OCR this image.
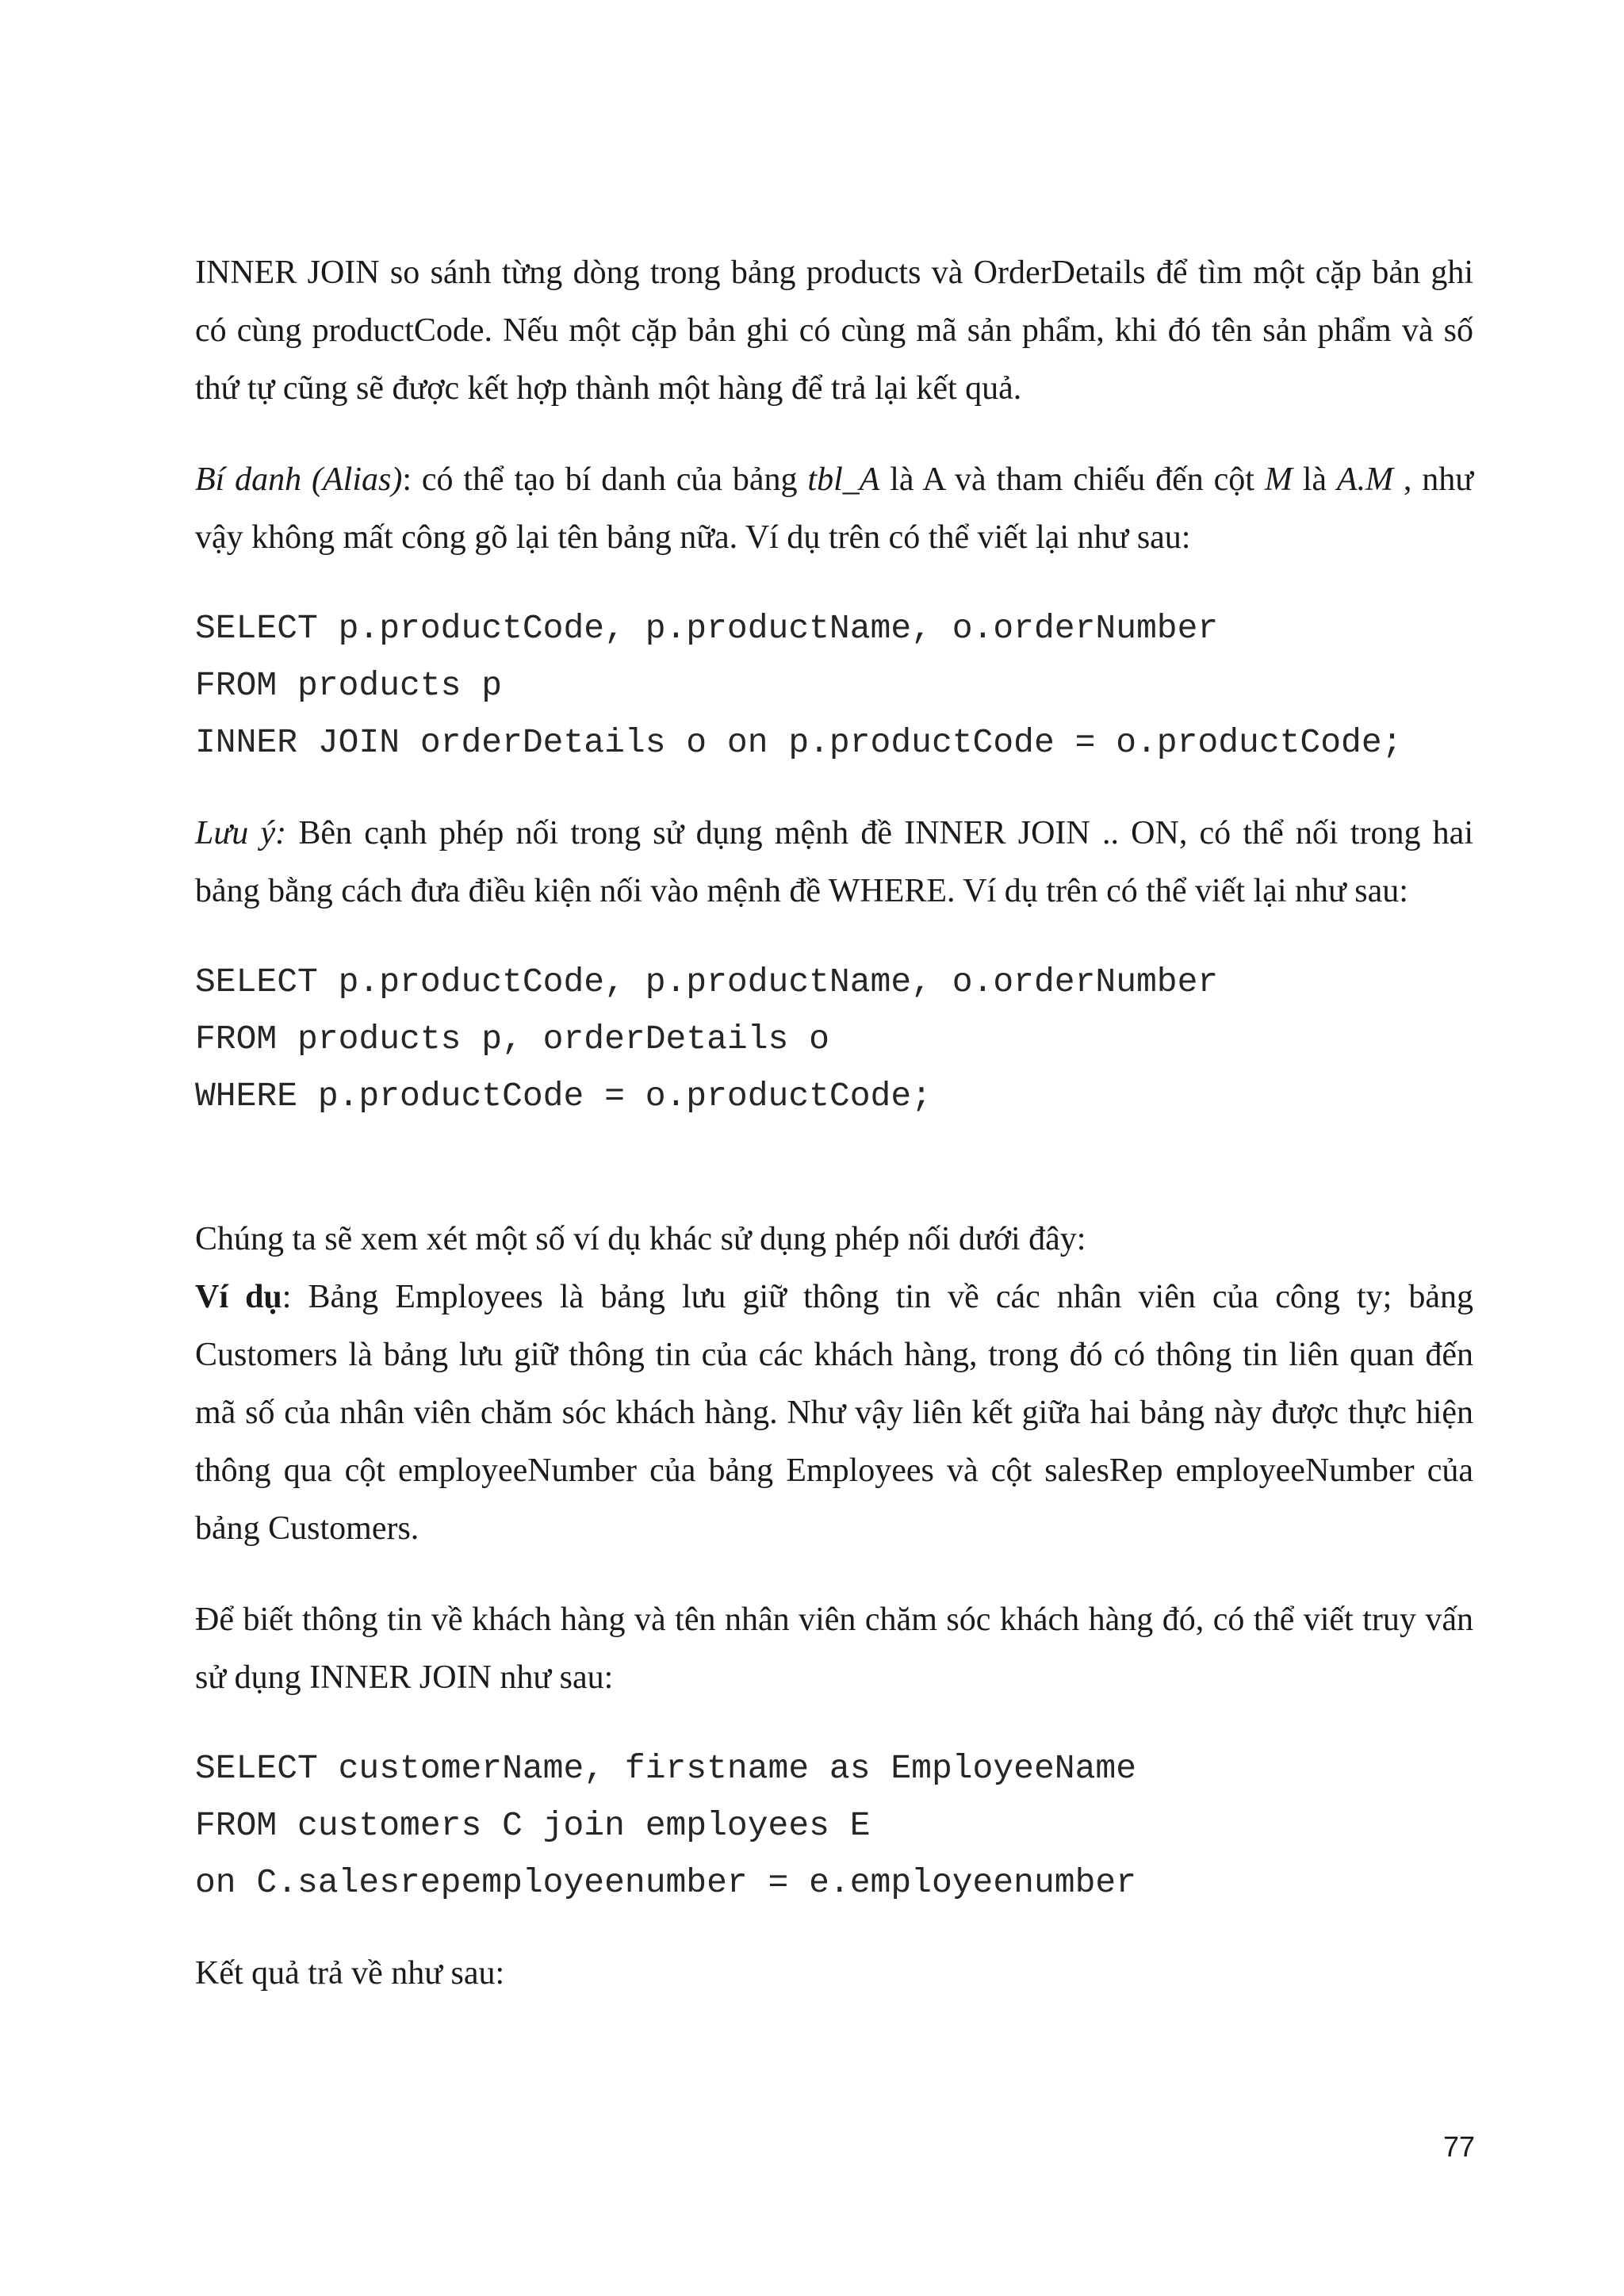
INNER JOIN so sánh từng dòng trong bảng products và OrderDetails để tìm một cặp bản ghi có cùng productCode. Nếu một cặp bản ghi có cùng mã sản phẩm, khi đó tên sản phẩm và số thứ tự cũng sẽ được kết hợp thành một hàng để trả lại kết quả.

Bí danh (Alias): có thể tạo bí danh của bảng tbl_A là A và tham chiếu đến cột M là A.M , như vậy không mất công gõ lại tên bảng nữa. Ví dụ trên có thể viết lại như sau:

SELECT p.productCode, p.productName, o.orderNumber
FROM products p
INNER JOIN orderDetails o on p.productCode = o.productCode;

Lưu ý: Bên cạnh phép nối trong sử dụng mệnh đề INNER JOIN .. ON, có thể nối trong hai bảng bằng cách đưa điều kiện nối vào mệnh đề WHERE. Ví dụ trên có thể viết lại như sau:

SELECT p.productCode, p.productName, o.orderNumber
FROM products p, orderDetails o
WHERE p.productCode = o.productCode;

Chúng ta sẽ xem xét một số ví dụ khác sử dụng phép nối dưới đây:

Ví dụ: Bảng Employees là bảng lưu giữ thông tin về các nhân viên của công ty; bảng Customers là bảng lưu giữ thông tin của các khách hàng, trong đó có thông tin liên quan đến mã số của nhân viên chăm sóc khách hàng. Như vậy liên kết giữa hai bảng này được thực hiện thông qua cột employeeNumber của bảng Employees và cột salesRep employeeNumber của bảng Customers.

Để biết thông tin về khách hàng và tên nhân viên chăm sóc khách hàng đó, có thể viết truy vấn sử dụng INNER JOIN như sau:

SELECT customerName, firstname as EmployeeName
FROM customers C join employees E
on C.salesrepemployeenumber = e.employeenumber

Kết quả trả về như sau:

77
